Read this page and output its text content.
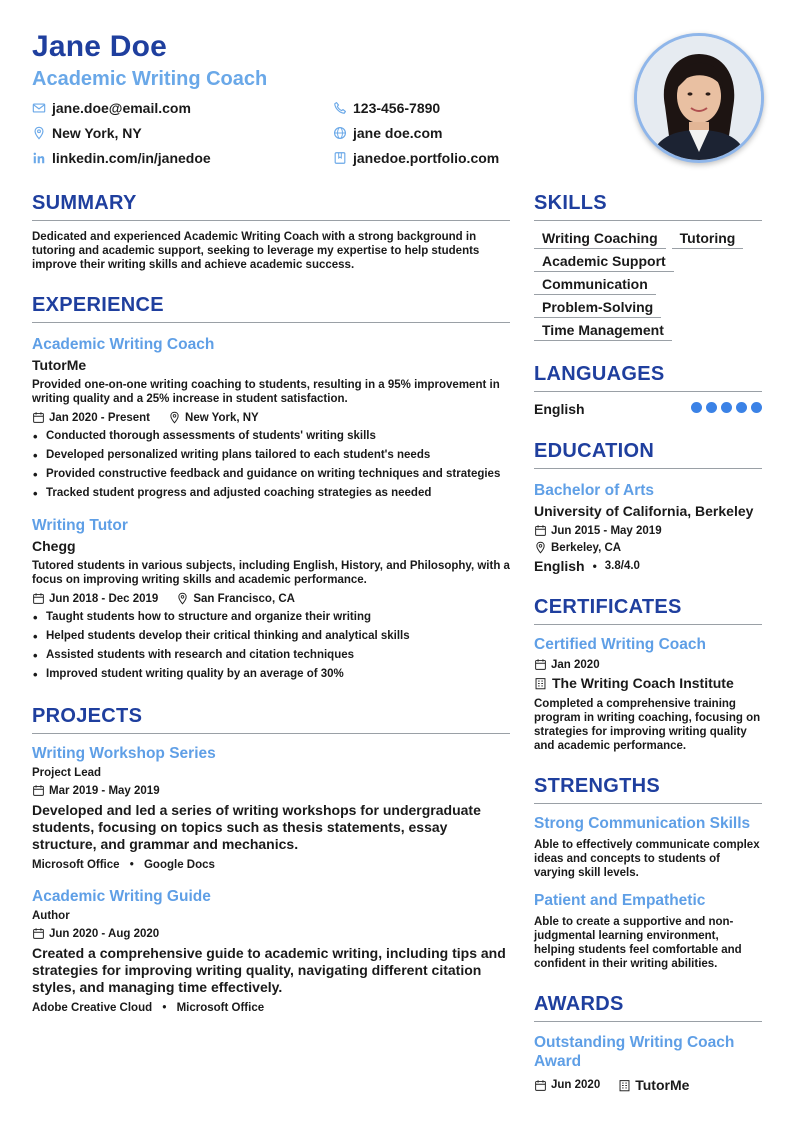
Jane Doe
Academic Writing Coach
jane.doe@email.com
New York, NY
linkedin.com/in/janedoe
123-456-7890
jane doe.com
janedoe.portfolio.com
SUMMARY

Dedicated and experienced Academic Writing Coach with a strong background in tutoring and academic support, seeking to leverage my expertise to help students improve their writing skills and achieve academic success.

EXPERIENCE
Academic Writing Coach
TutorMe

Provided one-on-one writing coaching to students, resulting in a 95% improvement in writing quality and a 25% increase in student satisfaction.

Jan 2020 - Present	New York, NY
• Conducted thorough assessments of students' writing skills
• Developed personalized writing plans tailored to each student's needs
• Provided constructive feedback and guidance on writing techniques and strategies
• Tracked student progress and adjusted coaching strategies as needed
Writing Tutor
Chegg

Tutored students in various subjects, including English, History, and Philosophy, with a focus on improving writing skills and academic performance.

Jun 2018 - Dec 2019	San Francisco, CA
• Taught students how to structure and organize their writing
• Helped students develop their critical thinking and analytical skills
• Assisted students with research and citation techniques
• Improved student writing quality by an average of 30%
PROJECTS
Writing Workshop Series
Project Lead
Mar 2019 - May 2019

Developed and led a series of writing workshops for undergraduate students, focusing on topics such as thesis statements, essay structure, and grammar and mechanics.

Microsoft Office • Google Docs
Academic Writing Guide
Author
Jun 2020 - Aug 2020

Created a comprehensive guide to academic writing, including tips and strategies for improving writing quality, navigating different citation styles, and managing time effectively.

Adobe Creative Cloud • Microsoft Office
SKILLS
Writing Coaching Tutoring
Academic Support
Communication
Problem-Solving
Time Management
LANGUAGES
English
EDUCATION
Bachelor of Arts
University of California, Berkeley
Jun 2015 - May 2019
Berkeley, CA
English • 3.8/4.0
CERTIFICATES
Certified Writing Coach
Jan 2020
The Writing Coach Institute

Completed a comprehensive training program in writing coaching, focusing on strategies for improving writing quality and academic performance.

STRENGTHS
Strong Communication Skills

Able to effectively communicate complex ideas and concepts to students of varying skill levels.

Patient and Empathetic

Able to create a supportive and non-judgmental learning environment, helping students feel comfortable and confident in their writing abilities.

AWARDS
Outstanding Writing Coach Award
Jun 2020	TutorMe
